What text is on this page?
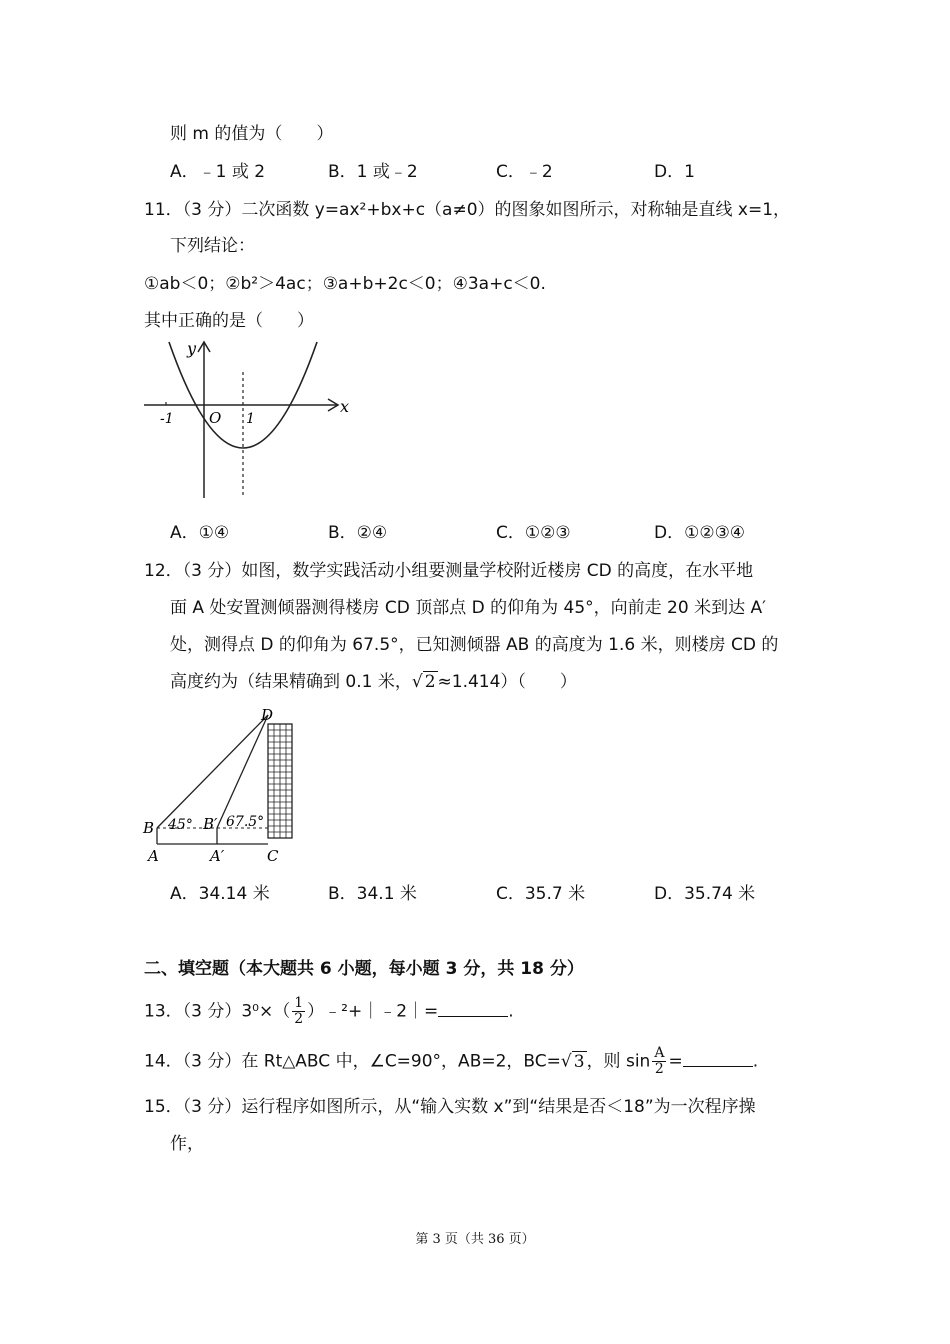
则 m 的值为（　　）
A．﹣1 或 2	B．1 或﹣2	C．﹣2	D．1
11．（3 分）二次函数 y=ax²+bx+c（a≠0）的图象如图所示，对称轴是直线 x=1，
下列结论：
①ab＜0；②b²＞4ac；③a+b+2c＜0；④3a+c＜0.
其中正确的是（　　）
y
x
O
-1	1
A．①④	B．②④	C．①②③	D．①②③④
12．（3 分）如图，数学实践活动小组要测量学校附近楼房 CD 的高度，在水平地
面 A 处安置测倾器测得楼房 CD 顶部点 D 的仰角为 45°，向前走 20 米到达 A′
处，测得点 D 的仰角为 67.5°，已知测倾器 AB 的高度为 1.6 米，则楼房 CD 的
高度约为（结果精确到 0.1 米，√ 2 ≈1.414）（　　）
D
B	B′
A	A′	C
45° 67.5°
A．34.14 米	B．34.1 米	C．35.7 米	D．35.74 米
二、填空题（本大题共 6 小题，每小题 3 分，共 18 分）
13．（3 分）$3^0\times( \frac{1}{2}$ ）﹣²+｜﹣2｜=	.
14．（3 分）在 Rt△ABC 中，∠C=90°，AB=2，BC=√ 3 ，则 $\sin \frac{A}{2}$ =	.
15．（3 分）运行程序如图所示，从“输入实数 x”到“结果是否＜18”为一次程序操
作，
第 3 页（共 36 页）
